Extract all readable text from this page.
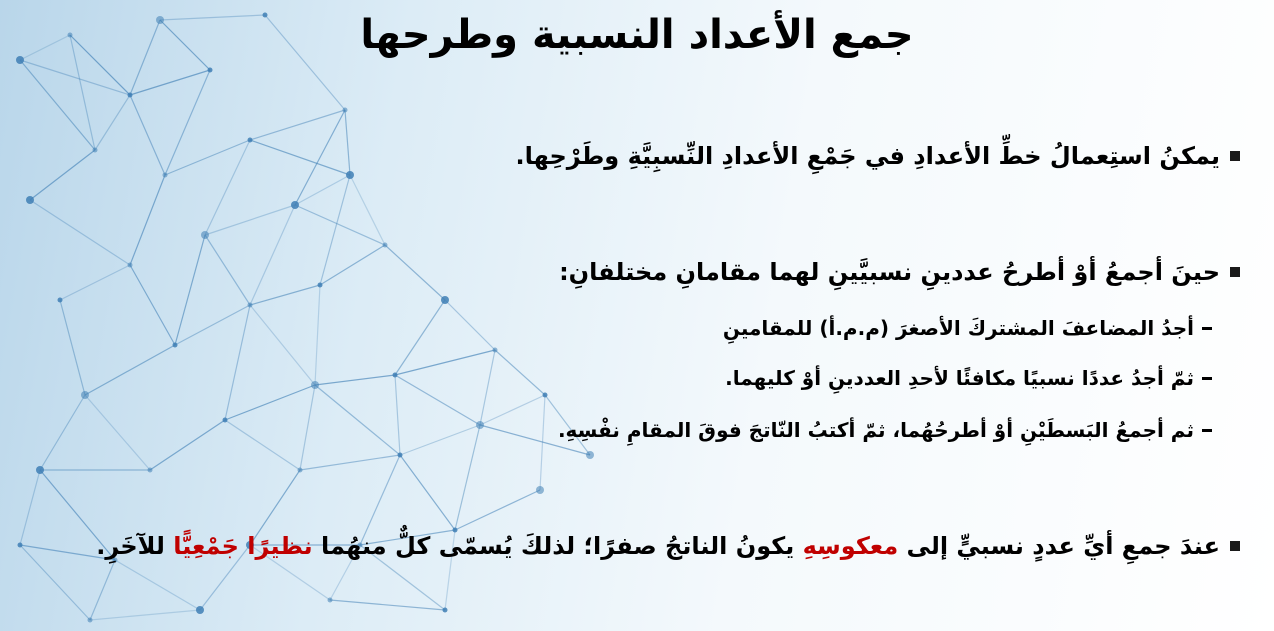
جمع الأعداد النسبية وطرحها
يمكنُ استِعمالُ خطِّ الأعدادِ في جَمْعِ الأعدادِ النِّسبِيَّةِ وطَرْحِها.
حينَ أجمعُ أوْ أطرحُ عددينِ نسبيَّينِ لهما مقامانِ مختلفانِ:
أجدُ المضاعفَ المشتركَ الأصغرَ (م.م.أ) للمقامينِ
ثمّ أجدُ عددًا نسبيًا مكافئًا لأحدِ العددينِ أوْ كليهما.
ثم أجمعُ البَسطَيْنِ أوْ أطرحُهُما، ثمّ أكتبُ النّاتجَ فوقَ المقامِ نفْسِهِ.
عندَ جمعِ أيِّ عددٍ نسبيٍّ إلى معكوسِهِ يكونُ الناتجُ صفرًا؛ لذلكَ يُسمّى كلٌّ منهُما نظيرًا جَمْعِيًّا للآخَرِ.
